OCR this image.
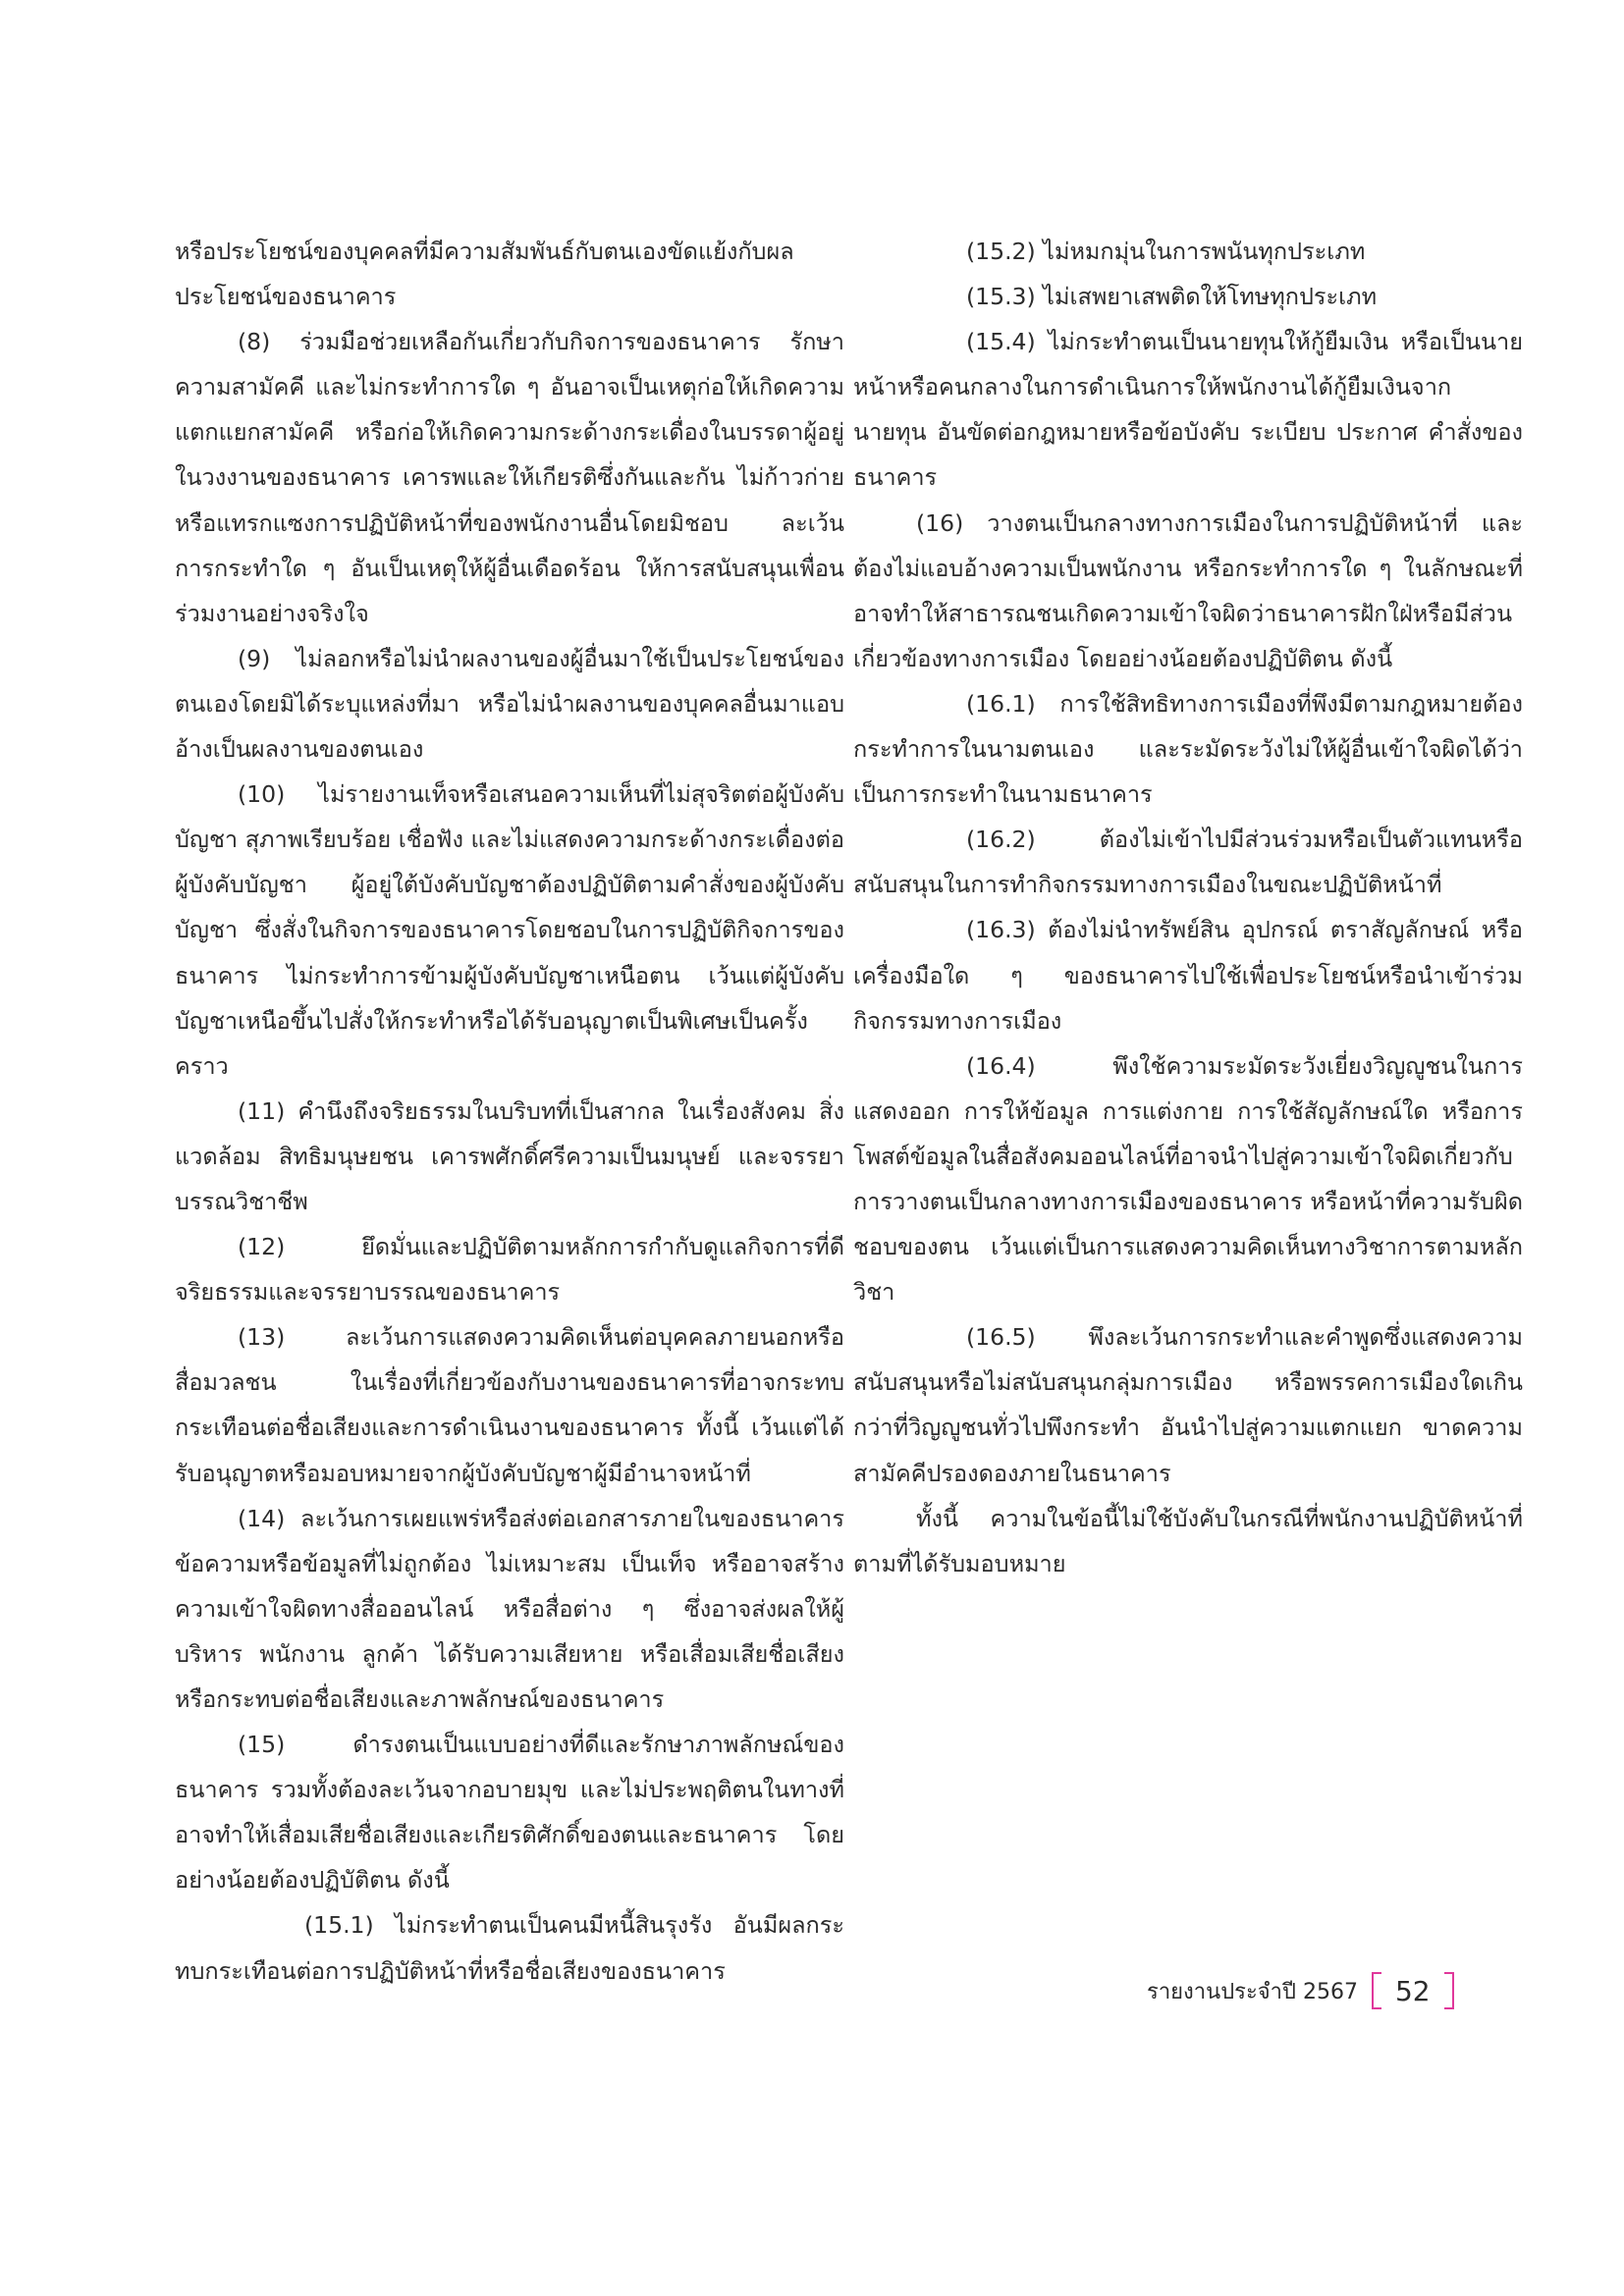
หรือประโยชน์ของบุคคลที่มีความสัมพันธ์กับตนเองขัดแย้งกับผลประโยชน์ของธนาคาร

(8) ร่วมมือช่วยเหลือกันเกี่ยวกับกิจการของธนาคาร รักษาความสามัคคี และไม่กระทำการใด ๆ อันอาจเป็นเหตุก่อให้เกิดความแตกแยกสามัคคี หรือก่อให้เกิดความกระด้างกระเดื่องในบรรดาผู้อยู่ในวงงานของธนาคาร เคารพและให้เกียรติซึ่งกันและกัน ไม่ก้าวก่ายหรือแทรกแซงการปฏิบัติหน้าที่ของพนักงานอื่นโดยมิชอบ ละเว้นการกระทำใด ๆ อันเป็นเหตุให้ผู้อื่นเดือดร้อน ให้การสนับสนุนเพื่อนร่วมงานอย่างจริงใจ

(9) ไม่ลอกหรือไม่นำผลงานของผู้อื่นมาใช้เป็นประโยชน์ของตนเองโดยมิได้ระบุแหล่งที่มา หรือไม่นำผลงานของบุคคลอื่นมาแอบอ้างเป็นผลงานของตนเอง

(10) ไม่รายงานเท็จหรือเสนอความเห็นที่ไม่สุจริตต่อผู้บังคับบัญชา สุภาพเรียบร้อย เชื่อฟัง และไม่แสดงความกระด้างกระเดื่องต่อผู้บังคับบัญชา ผู้อยู่ใต้บังคับบัญชาต้องปฏิบัติตามคำสั่งของผู้บังคับบัญชา ซึ่งสั่งในกิจการของธนาคารโดยชอบในการปฏิบัติกิจการของธนาคาร ไม่กระทำการข้ามผู้บังคับบัญชาเหนือตน เว้นแต่ผู้บังคับบัญชาเหนือขึ้นไปสั่งให้กระทำหรือได้รับอนุญาตเป็นพิเศษเป็นครั้งคราว

(11) คำนึงถึงจริยธรรมในบริบทที่เป็นสากล ในเรื่องสังคม สิ่งแวดล้อม สิทธิมนุษยชน เคารพศักดิ์ศรีความเป็นมนุษย์ และจรรยาบรรณวิชาชีพ

(12) ยึดมั่นและปฏิบัติตามหลักการกำกับดูแลกิจการที่ดี จริยธรรมและจรรยาบรรณของธนาคาร

(13) ละเว้นการแสดงความคิดเห็นต่อบุคคลภายนอกหรือสื่อมวลชน ในเรื่องที่เกี่ยวข้องกับงานของธนาคารที่อาจกระทบกระเทือนต่อชื่อเสียงและการดำเนินงานของธนาคาร ทั้งนี้ เว้นแต่ได้รับอนุญาตหรือมอบหมายจากผู้บังคับบัญชาผู้มีอำนาจหน้าที่

(14) ละเว้นการเผยแพร่หรือส่งต่อเอกสารภายในของธนาคาร ข้อความหรือข้อมูลที่ไม่ถูกต้อง ไม่เหมาะสม เป็นเท็จ หรืออาจสร้างความเข้าใจผิดทางสื่อออนไลน์ หรือสื่อต่าง ๆ ซึ่งอาจส่งผลให้ผู้บริหาร พนักงาน ลูกค้า ได้รับความเสียหาย หรือเสื่อมเสียชื่อเสียง หรือกระทบต่อชื่อเสียงและภาพลักษณ์ของธนาคาร

(15) ดำรงตนเป็นแบบอย่างที่ดีและรักษาภาพลักษณ์ของธนาคาร รวมทั้งต้องละเว้นจากอบายมุข และไม่ประพฤติตนในทางที่อาจทำให้เสื่อมเสียชื่อเสียงและเกียรติศักดิ์ของตนและธนาคาร โดยอย่างน้อยต้องปฏิบัติตน ดังนี้

(15.1) ไม่กระทำตนเป็นคนมีหนี้สินรุงรัง อันมีผลกระทบกระเทือนต่อการปฏิบัติหน้าที่หรือชื่อเสียงของธนาคาร

(15.2) ไม่หมกมุ่นในการพนันทุกประเภท

(15.3) ไม่เสพยาเสพติดให้โทษทุกประเภท

(15.4) ไม่กระทำตนเป็นนายทุนให้กู้ยืมเงิน หรือเป็นนายหน้าหรือคนกลางในการดำเนินการให้พนักงานได้กู้ยืมเงินจากนายทุน อันขัดต่อกฎหมายหรือข้อบังคับ ระเบียบ ประกาศ คำสั่งของธนาคาร

(16) วางตนเป็นกลางทางการเมืองในการปฏิบัติหน้าที่ และต้องไม่แอบอ้างความเป็นพนักงาน หรือกระทำการใด ๆ ในลักษณะที่อาจทำให้สาธารณชนเกิดความเข้าใจผิดว่าธนาคารฝักใฝ่หรือมีส่วนเกี่ยวข้องทางการเมือง โดยอย่างน้อยต้องปฏิบัติตน ดังนี้

(16.1) การใช้สิทธิทางการเมืองที่พึงมีตามกฎหมายต้องกระทำการในนามตนเอง และระมัดระวังไม่ให้ผู้อื่นเข้าใจผิดได้ว่าเป็นการกระทำในนามธนาคาร

(16.2) ต้องไม่เข้าไปมีส่วนร่วมหรือเป็นตัวแทนหรือสนับสนุนในการทำกิจกรรมทางการเมืองในขณะปฏิบัติหน้าที่

(16.3) ต้องไม่นำทรัพย์สิน อุปกรณ์ ตราสัญลักษณ์ หรือเครื่องมือใด ๆ ของธนาคารไปใช้เพื่อประโยชน์หรือนำเข้าร่วมกิจกรรมทางการเมือง

(16.4) พึงใช้ความระมัดระวังเยี่ยงวิญญูชนในการแสดงออก การให้ข้อมูล การแต่งกาย การใช้สัญลักษณ์ใด หรือการโพสต์ข้อมูลในสื่อสังคมออนไลน์ที่อาจนำไปสู่ความเข้าใจผิดเกี่ยวกับการวางตนเป็นกลางทางการเมืองของธนาคาร หรือหน้าที่ความรับผิดชอบของตน เว้นแต่เป็นการแสดงความคิดเห็นทางวิชาการตามหลักวิชา

(16.5) พึงละเว้นการกระทำและคำพูดซึ่งแสดงความสนับสนุนหรือไม่สนับสนุนกลุ่มการเมือง หรือพรรคการเมืองใดเกินกว่าที่วิญญูชนทั่วไปพึงกระทำ อันนำไปสู่ความแตกแยก ขาดความสามัคคีปรองดองภายในธนาคาร

ทั้งนี้ ความในข้อนี้ไม่ใช้บังคับในกรณีที่พนักงานปฏิบัติหน้าที่ตามที่ได้รับมอบหมาย

รายงานประจำปี 2567 52
